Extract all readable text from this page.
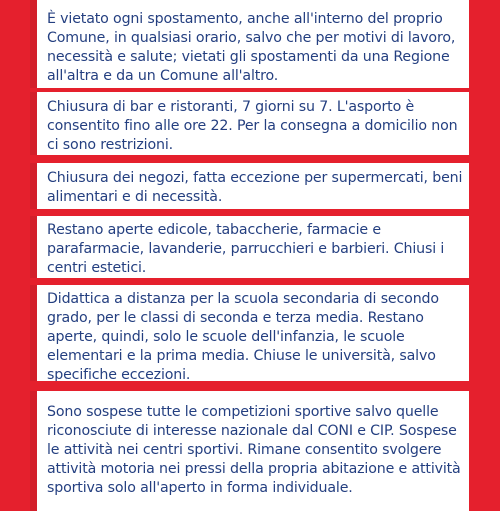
È vietato ogni spostamento, anche all'interno del proprio Comune, in qualsiasi orario, salvo che per motivi di lavoro, necessità e salute; vietati gli spostamenti da una Regione all'altra e da un Comune all'altro.

Chiusura di bar e ristoranti, 7 giorni su 7. L'asporto è consentito fino alle ore 22. Per la consegna a domicilio non ci sono restrizioni.

Chiusura dei negozi, fatta eccezione per supermercati, beni alimentari e di necessità.

Restano aperte edicole, tabaccherie, farmacie e parafarmacie, lavanderie, parrucchieri e barbieri. Chiusi i centri estetici.

Didattica a distanza per la scuola secondaria di secondo grado, per le classi di seconda e terza media. Restano aperte, quindi, solo le scuole dell'infanzia, le scuole elementari e la prima media. Chiuse le università, salvo specifiche eccezioni.

Sono sospese tutte le competizioni sportive salvo quelle riconosciute di interesse nazionale dal CONI e CIP. Sospese le attività nei centri sportivi. Rimane consentito svolgere attività motoria nei pressi della propria abitazione e attività sportiva solo all'aperto in forma individuale.
